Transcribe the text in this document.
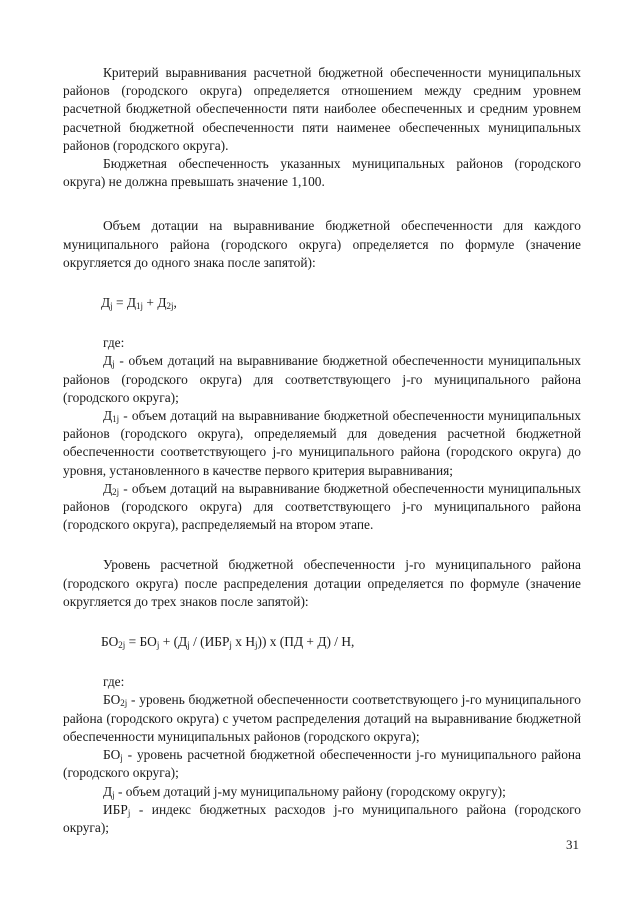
Критерий выравнивания расчетной бюджетной обеспеченности муниципальных районов (городского округа) определяется отношением между средним уровнем расчетной бюджетной обеспеченности пяти наиболее обеспеченных и средним уровнем расчетной бюджетной обеспеченности пяти наименее обеспеченных муниципальных районов (городского округа).

Бюджетная обеспеченность указанных муниципальных районов (городского округа) не должна превышать значение 1,100.

Объем дотации на выравнивание бюджетной обеспеченности для каждого муниципального района (городского округа) определяется по формуле (значение округляется до одного знака после запятой):

$Д_j = Д_{1j} + Д_{2j}$,

где:

$Д_j$ - объем дотаций на выравнивание бюджетной обеспеченности муниципальных районов (городского округа) для соответствующего j-го муниципального района (городского округа);

$Д_{1j}$ - объем дотаций на выравнивание бюджетной обеспеченности муниципальных районов (городского округа), определяемый для доведения расчетной бюджетной обеспеченности соответствующего j-го муниципального района (городского округа) до уровня, установленного в качестве первого критерия выравнивания;

$Д_{2j}$ - объем дотаций на выравнивание бюджетной обеспеченности муниципальных районов (городского округа) для соответствующего j-го муниципального района (городского округа), распределяемый на втором этапе.

Уровень расчетной бюджетной обеспеченности j-го муниципального района (городского округа) после распределения дотации определяется по формуле (значение округляется до трех знаков после запятой):

$БО_{2j} = БО_j + (Д_j / (ИБР_j$ x $Н_j$)) x (ПД + Д) / Н,

где:

$БО_{2j}$ - уровень бюджетной обеспеченности соответствующего j-го муниципального района (городского округа) с учетом распределения дотаций на выравнивание бюджетной обеспеченности муниципальных районов (городского округа);

$БО_j$ - уровень расчетной бюджетной обеспеченности j-го муниципального района (городского округа);

$Д_j$ - объем дотаций j-му муниципальному району (городскому округу);

$ИБР_j$ - индекс бюджетных расходов j-го муниципального района (городского округа);

31
